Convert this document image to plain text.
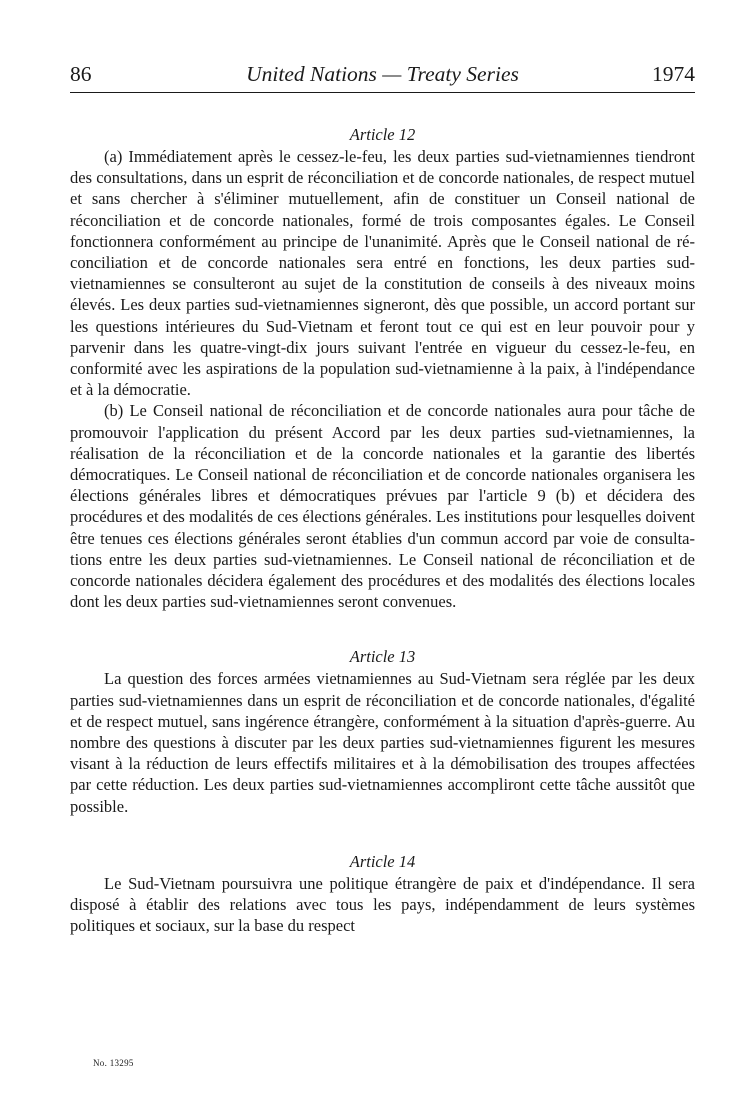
86	United Nations — Treaty Series	1974

Article 12

(a) Immédiatement après le cessez-le-feu, les deux parties sud-vietnamiennes tiendront des consultations, dans un esprit de réconciliation et de concorde nationales, de respect mutuel et sans chercher à s'éliminer mutuellement, afin de constituer un Conseil national de réconciliation et de concorde nationales, formé de trois composantes égales. Le Conseil fonctionnera conformément au principe de l'unanimité. Après que le Conseil national de réconciliation et de concorde nationales sera entré en fonctions, les deux parties sud-vietnamiennes se consulteront au sujet de la constitution de conseils à des niveaux moins élevés. Les deux parties sud-vietnamiennes signeront, dès que possible, un accord portant sur les questions intérieures du Sud-Vietnam et feront tout ce qui est en leur pouvoir pour y parvenir dans les quatre-vingt-dix jours suivant l'entrée en vigueur du cessez-le-feu, en conformité avec les aspirations de la population sud-vietnamienne à la paix, à l'indépendance et à la démocratie.

(b) Le Conseil national de réconciliation et de concorde nationales aura pour tâche de promouvoir l'application du présent Accord par les deux parties sud-vietnamiennes, la réalisation de la réconciliation et de la concorde nationales et la garantie des libertés démocratiques. Le Conseil national de réconciliation et de concorde nationales organisera les élections générales libres et démocratiques prévues par l'article 9 (b) et décidera des procédures et des modalités de ces élections générales. Les institutions pour lesquelles doivent être tenues ces élections générales seront établies d'un commun accord par voie de consultations entre les deux parties sud-vietnamiennes. Le Conseil national de réconciliation et de concorde nationales décidera également des procédures et des modalités des élections locales dont les deux parties sud-vietnamiennes seront convenues.

Article 13

La question des forces armées vietnamiennes au Sud-Vietnam sera réglée par les deux parties sud-vietnamiennes dans un esprit de réconciliation et de concorde nationales, d'égalité et de respect mutuel, sans ingérence étrangère, conformément à la situation d'après-guerre. Au nombre des questions à discuter par les deux parties sud-vietnamiennes figurent les mesures visant à la réduction de leurs effectifs militaires et à la démobilisation des troupes affectées par cette réduction. Les deux parties sud-vietnamiennes accompliront cette tâche aussitôt que possible.

Article 14

Le Sud-Vietnam poursuivra une politique étrangère de paix et d'indépendance. Il sera disposé à établir des relations avec tous les pays, indépendamment de leurs systèmes politiques et sociaux, sur la base du respect

No. 13295
